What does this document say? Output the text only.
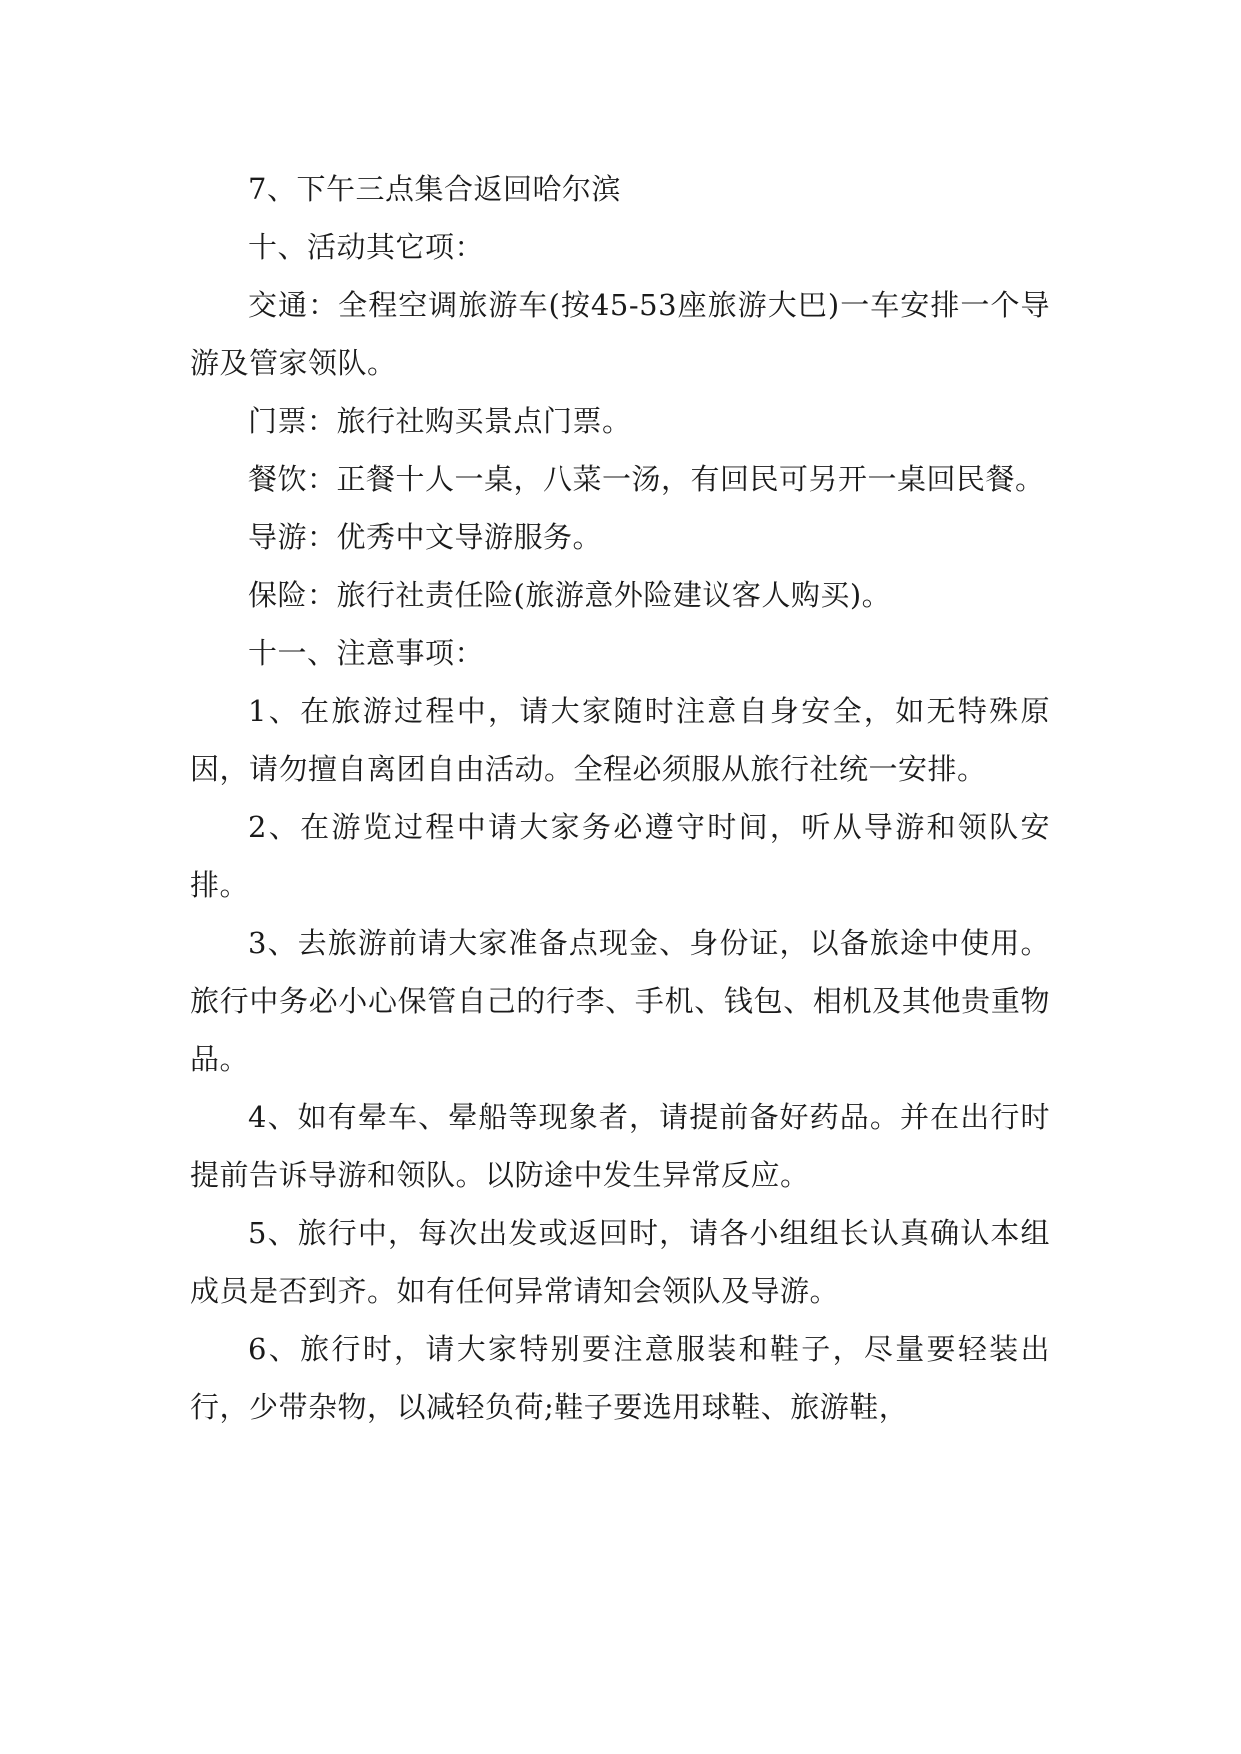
7、下午三点集合返回哈尔滨

十、活动其它项：

交通：全程空调旅游车(按45-53座旅游大巴)一车安排一个导游及管家领队。

门票：旅行社购买景点门票。

餐饮：正餐十人一桌，八菜一汤，有回民可另开一桌回民餐。

导游：优秀中文导游服务。

保险：旅行社责任险(旅游意外险建议客人购买)。

十一、注意事项：

1、在旅游过程中，请大家随时注意自身安全，如无特殊原因，请勿擅自离团自由活动。全程必须服从旅行社统一安排。

2、在游览过程中请大家务必遵守时间，听从导游和领队安排。

3、去旅游前请大家准备点现金、身份证，以备旅途中使用。旅行中务必小心保管自己的行李、手机、钱包、相机及其他贵重物品。

4、如有晕车、晕船等现象者，请提前备好药品。并在出行时提前告诉导游和领队。以防途中发生异常反应。

5、旅行中，每次出发或返回时，请各小组组长认真确认本组成员是否到齐。如有任何异常请知会领队及导游。

6、旅行时，请大家特别要注意服装和鞋子，尽量要轻装出行，少带杂物，以减轻负荷;鞋子要选用球鞋、旅游鞋，
